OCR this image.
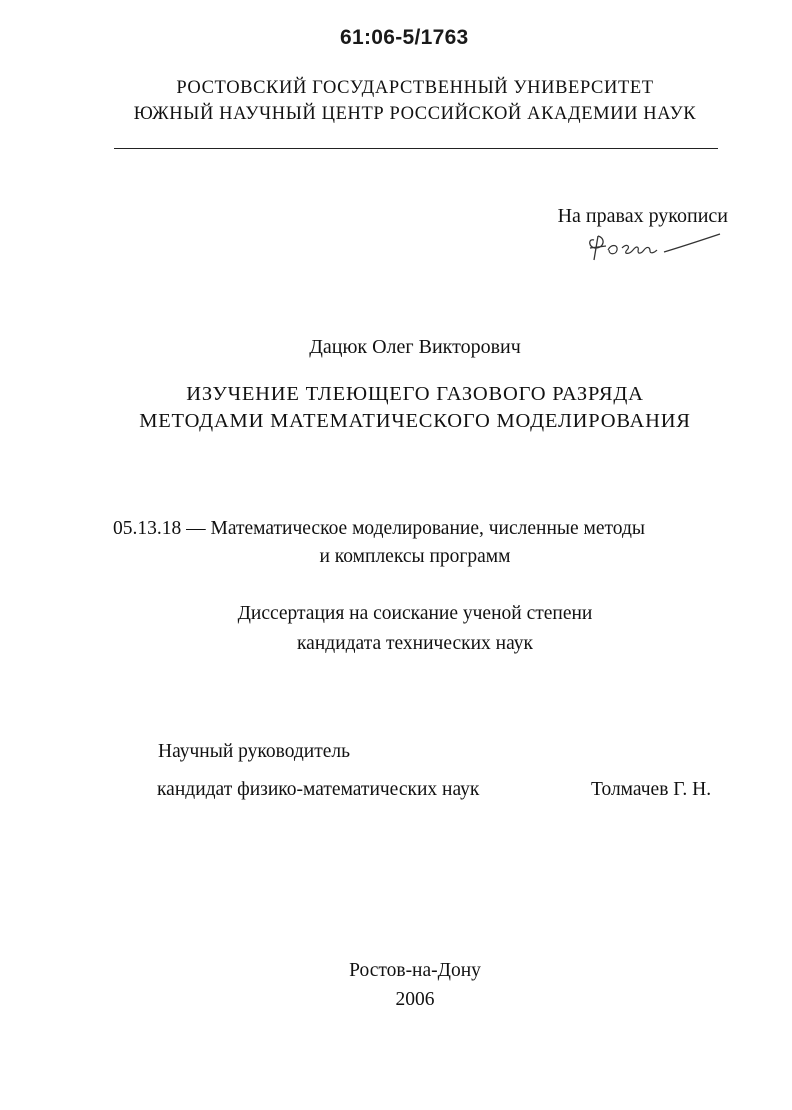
61:06-5/1763
РОСТОВСКИЙ ГОСУДАРСТВЕННЫЙ УНИВЕРСИТЕТ
ЮЖНЫЙ НАУЧНЫЙ ЦЕНТР РОССИЙСКОЙ АКАДЕМИИ НАУК
На правах рукописи
Дацюк Олег Викторович
ИЗУЧЕНИЕ ТЛЕЮЩЕГО ГАЗОВОГО РАЗРЯДА
МЕТОДАМИ МАТЕМАТИЧЕСКОГО МОДЕЛИРОВАНИЯ
05.13.18 — Математическое моделирование, численные методы
и комплексы программ
Диссертация на соискание ученой степени
кандидата технических наук
Научный руководитель
кандидат физико-математических наук	Толмачев Г. Н.
Ростов-на-Дону
2006
